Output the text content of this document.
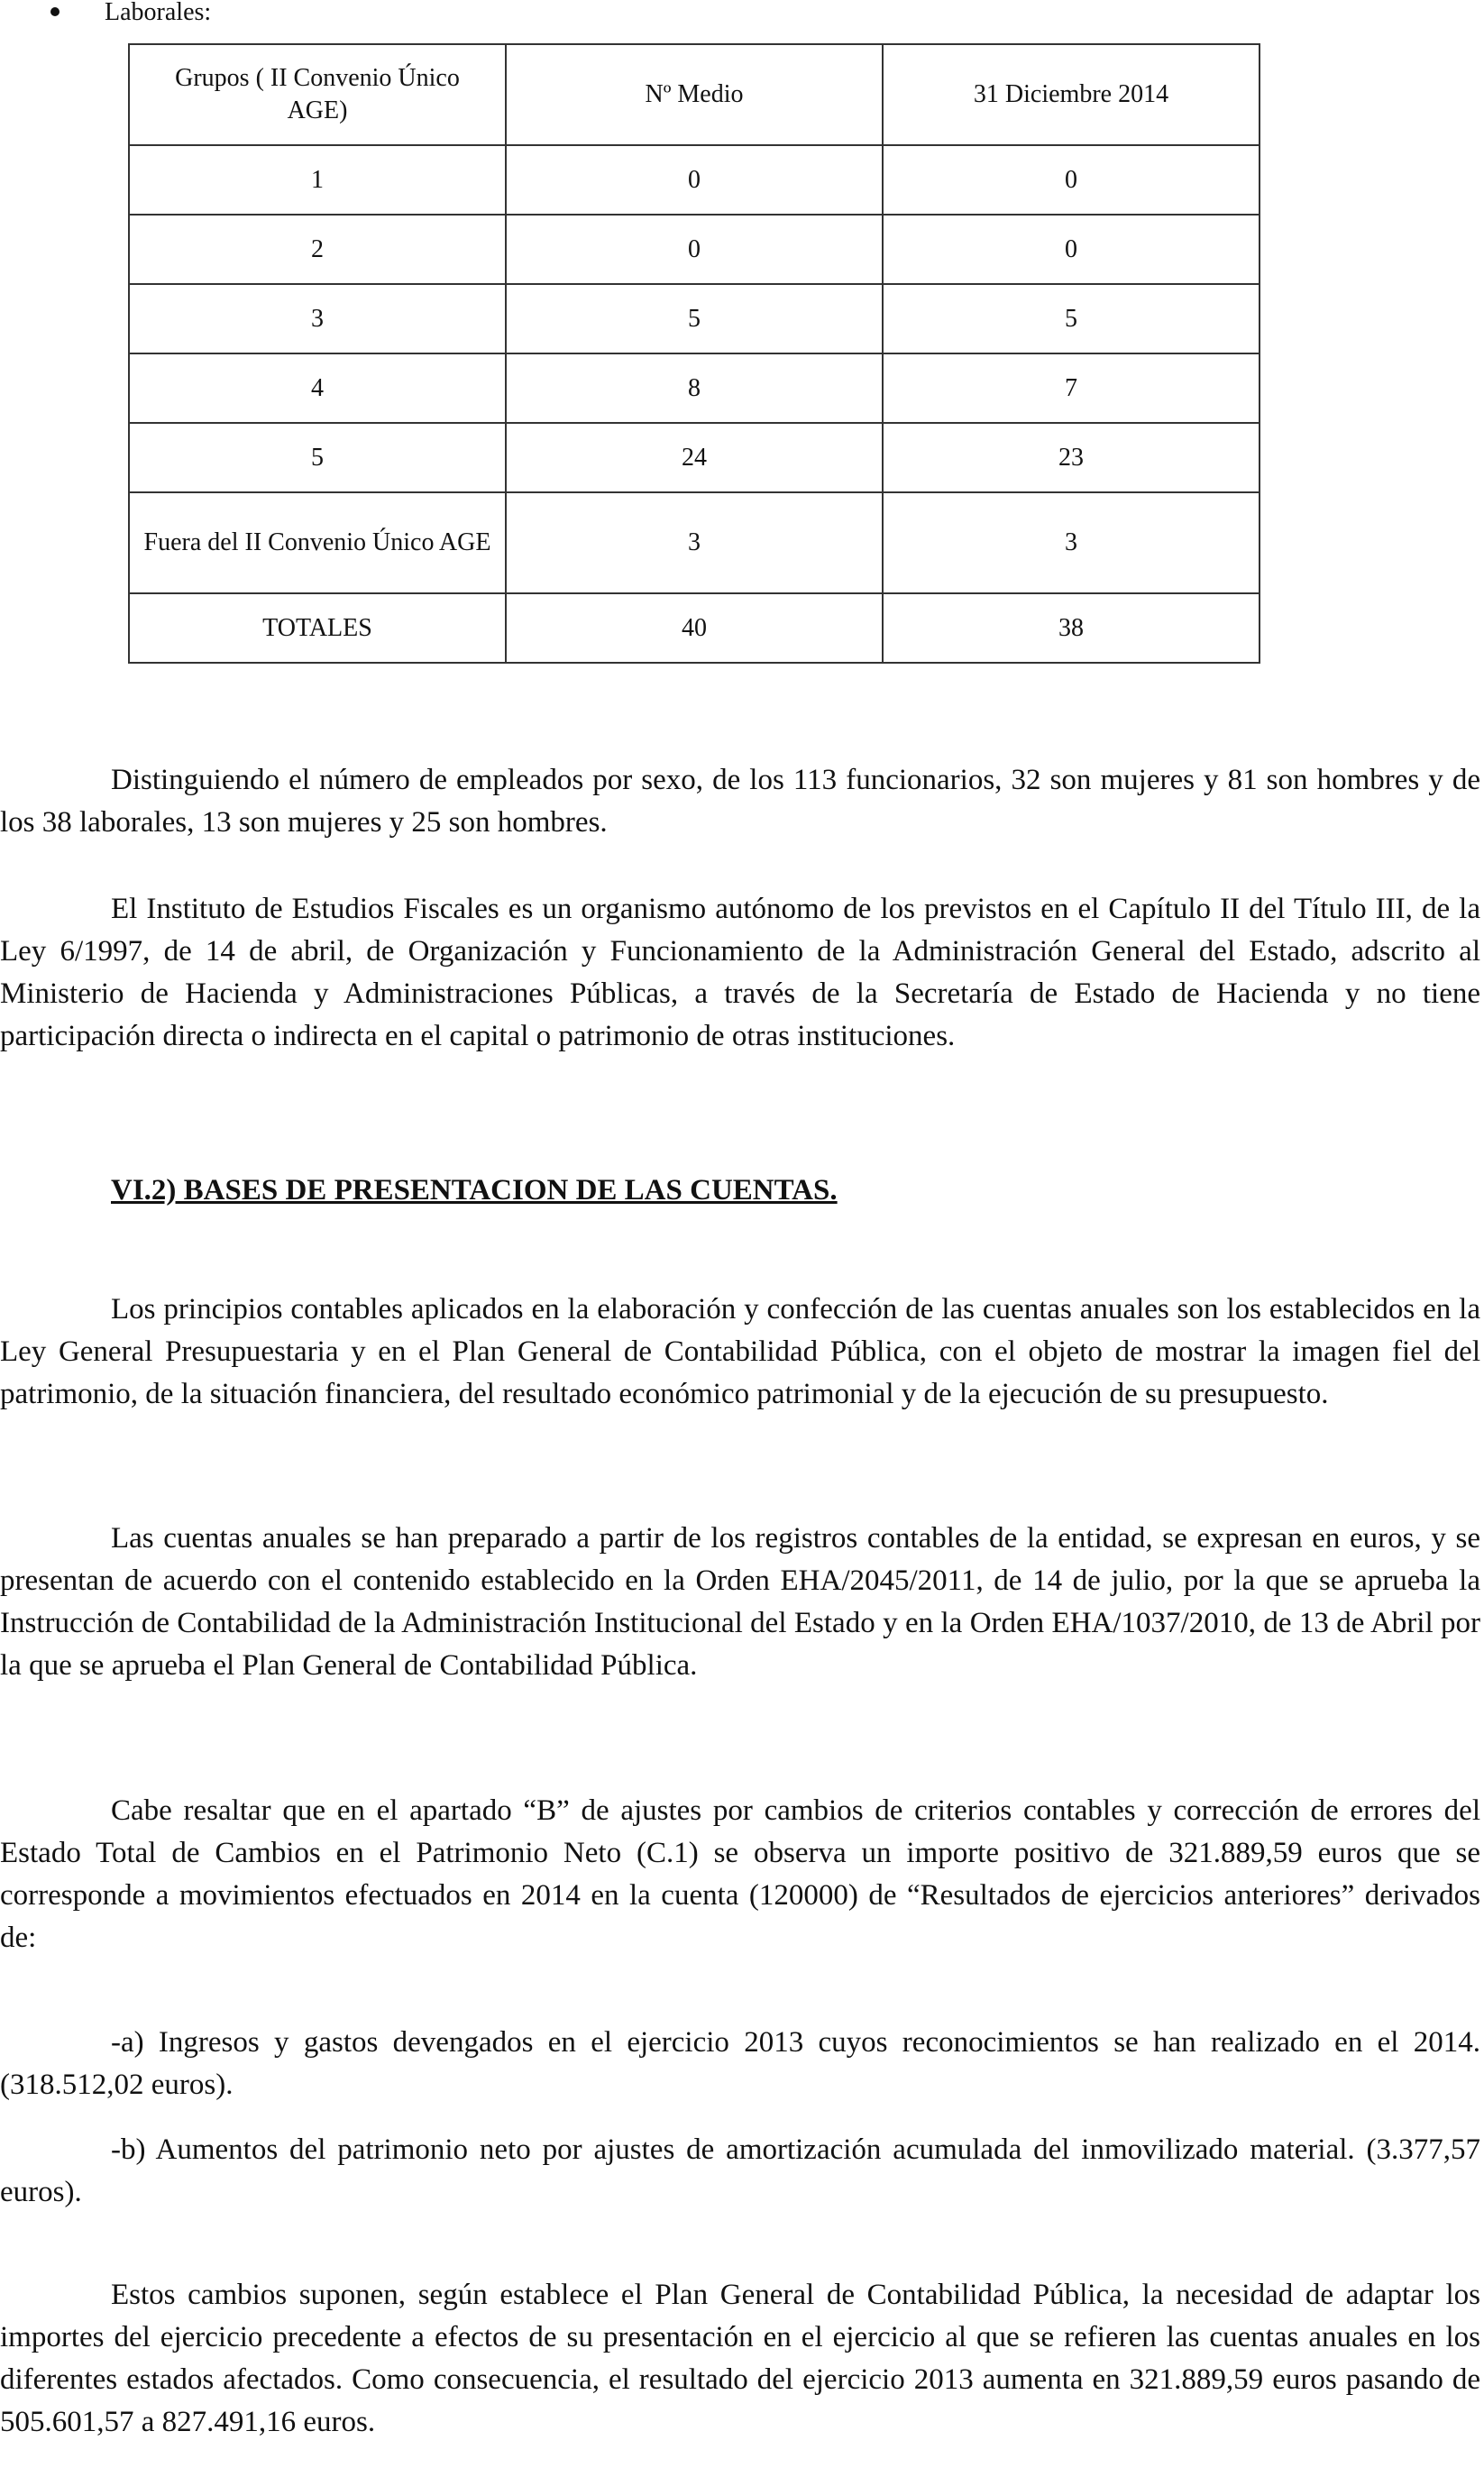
Laborales:
Grupos ( II Convenio Único AGE)	Nº Medio	31 Diciembre 2014
1	0	0
2	0	0
3	5	5
4	8	7
5	24	23
Fuera del II Convenio Único AGE	3	3
TOTALES	40	38

Distinguiendo el número de empleados por sexo, de los 113 funcionarios, 32 son mujeres y 81 son hombres y de los 38 laborales, 13 son mujeres y 25 son hombres.

El Instituto de Estudios Fiscales es un organismo autónomo de los previstos en el Capítulo II del Título III, de la Ley 6/1997, de 14 de abril, de Organización y Funcionamiento de la Administración General del Estado, adscrito al Ministerio de Hacienda y Administraciones Públicas, a través de la Secretaría de Estado de Hacienda y no tiene participación directa o indirecta en el capital o patrimonio de otras instituciones.

VI.2) BASES DE PRESENTACION DE LAS CUENTAS.

Los principios contables aplicados en la elaboración y confección de las cuentas anuales son los establecidos en la Ley General Presupuestaria y en el Plan General de Contabilidad Pública, con el objeto de mostrar la imagen fiel del patrimonio, de la situación financiera, del resultado económico patrimonial y de la ejecución de su presupuesto.

Las cuentas anuales se han preparado a partir de los registros contables de la entidad, se expresan en euros, y se presentan de acuerdo con el contenido establecido en la Orden EHA/2045/2011, de 14 de julio, por la que se aprueba la Instrucción de Contabilidad de la Administración Institucional del Estado y en la Orden EHA/1037/2010, de 13 de Abril por la que se aprueba el Plan General de Contabilidad Pública.

Cabe resaltar que en el apartado “B” de ajustes por cambios de criterios contables y corrección de errores del Estado Total de Cambios en el Patrimonio Neto (C.1) se observa un importe positivo de 321.889,59 euros que se corresponde a movimientos efectuados en 2014 en la cuenta (120000) de “Resultados de ejercicios anteriores” derivados de:

-a) Ingresos y gastos devengados en el ejercicio 2013 cuyos reconocimientos se han realizado en el 2014. (318.512,02 euros).

-b) Aumentos del patrimonio neto por ajustes de amortización acumulada del inmovilizado material. (3.377,57 euros).

Estos cambios suponen, según establece el Plan General de Contabilidad Pública, la necesidad de adaptar los importes del ejercicio precedente a efectos de su presentación en el ejercicio al que se refieren las cuentas anuales en los diferentes estados afectados. Como consecuencia, el resultado del ejercicio 2013 aumenta en 321.889,59 euros pasando de 505.601,57 a 827.491,16 euros.
